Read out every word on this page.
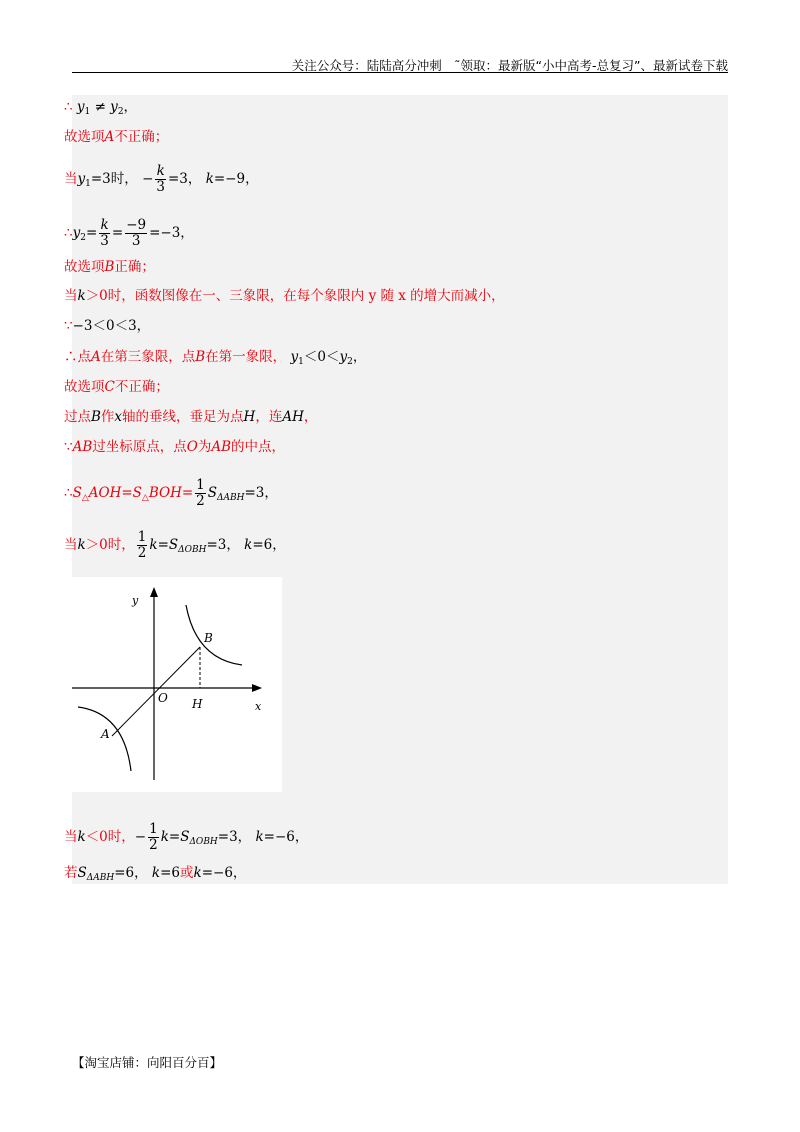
关注公众号：陆陆高分冲刺　˜领取：最新版“小中高考-总复习”、最新试卷下载
∴ $y_1 \ne y_2$，
故选项A不正确；
当$y_1=3$时， − $\frac{k}{3} =3$， k=−9，
$\therefore y_2= \frac{k}{3} = \frac{-9}{3} =-3$，
故选项B正确；
当k＞0时，函数图像在一、三象限，在每个象限内 y 随 x 的增大而减小，
∵−3＜0＜3，
∴点A在第三象限，点B在第一象限， $y_1<0<y_2$，
故选项C不正确；
过点B作x轴的垂线，垂足为点H，连AH，
∵AB过坐标原点，点O为AB的中点，
$\therefore S_\triangle AOH=S_\triangle BOH= \frac{1}{2} S_{\Delta ABH}=3$，
当k＞0时， $\frac{1}{2} k=S_{\Delta OBH}=3$， k=6，
y
x
O H
A
B
当k＜0时，− $\frac{1}{2} k=S_{\Delta OBH}=3$， k=−6，
若$S_{\Delta ABH}=6$， k=6或k=−6，
【淘宝店铺：向阳百分百】
